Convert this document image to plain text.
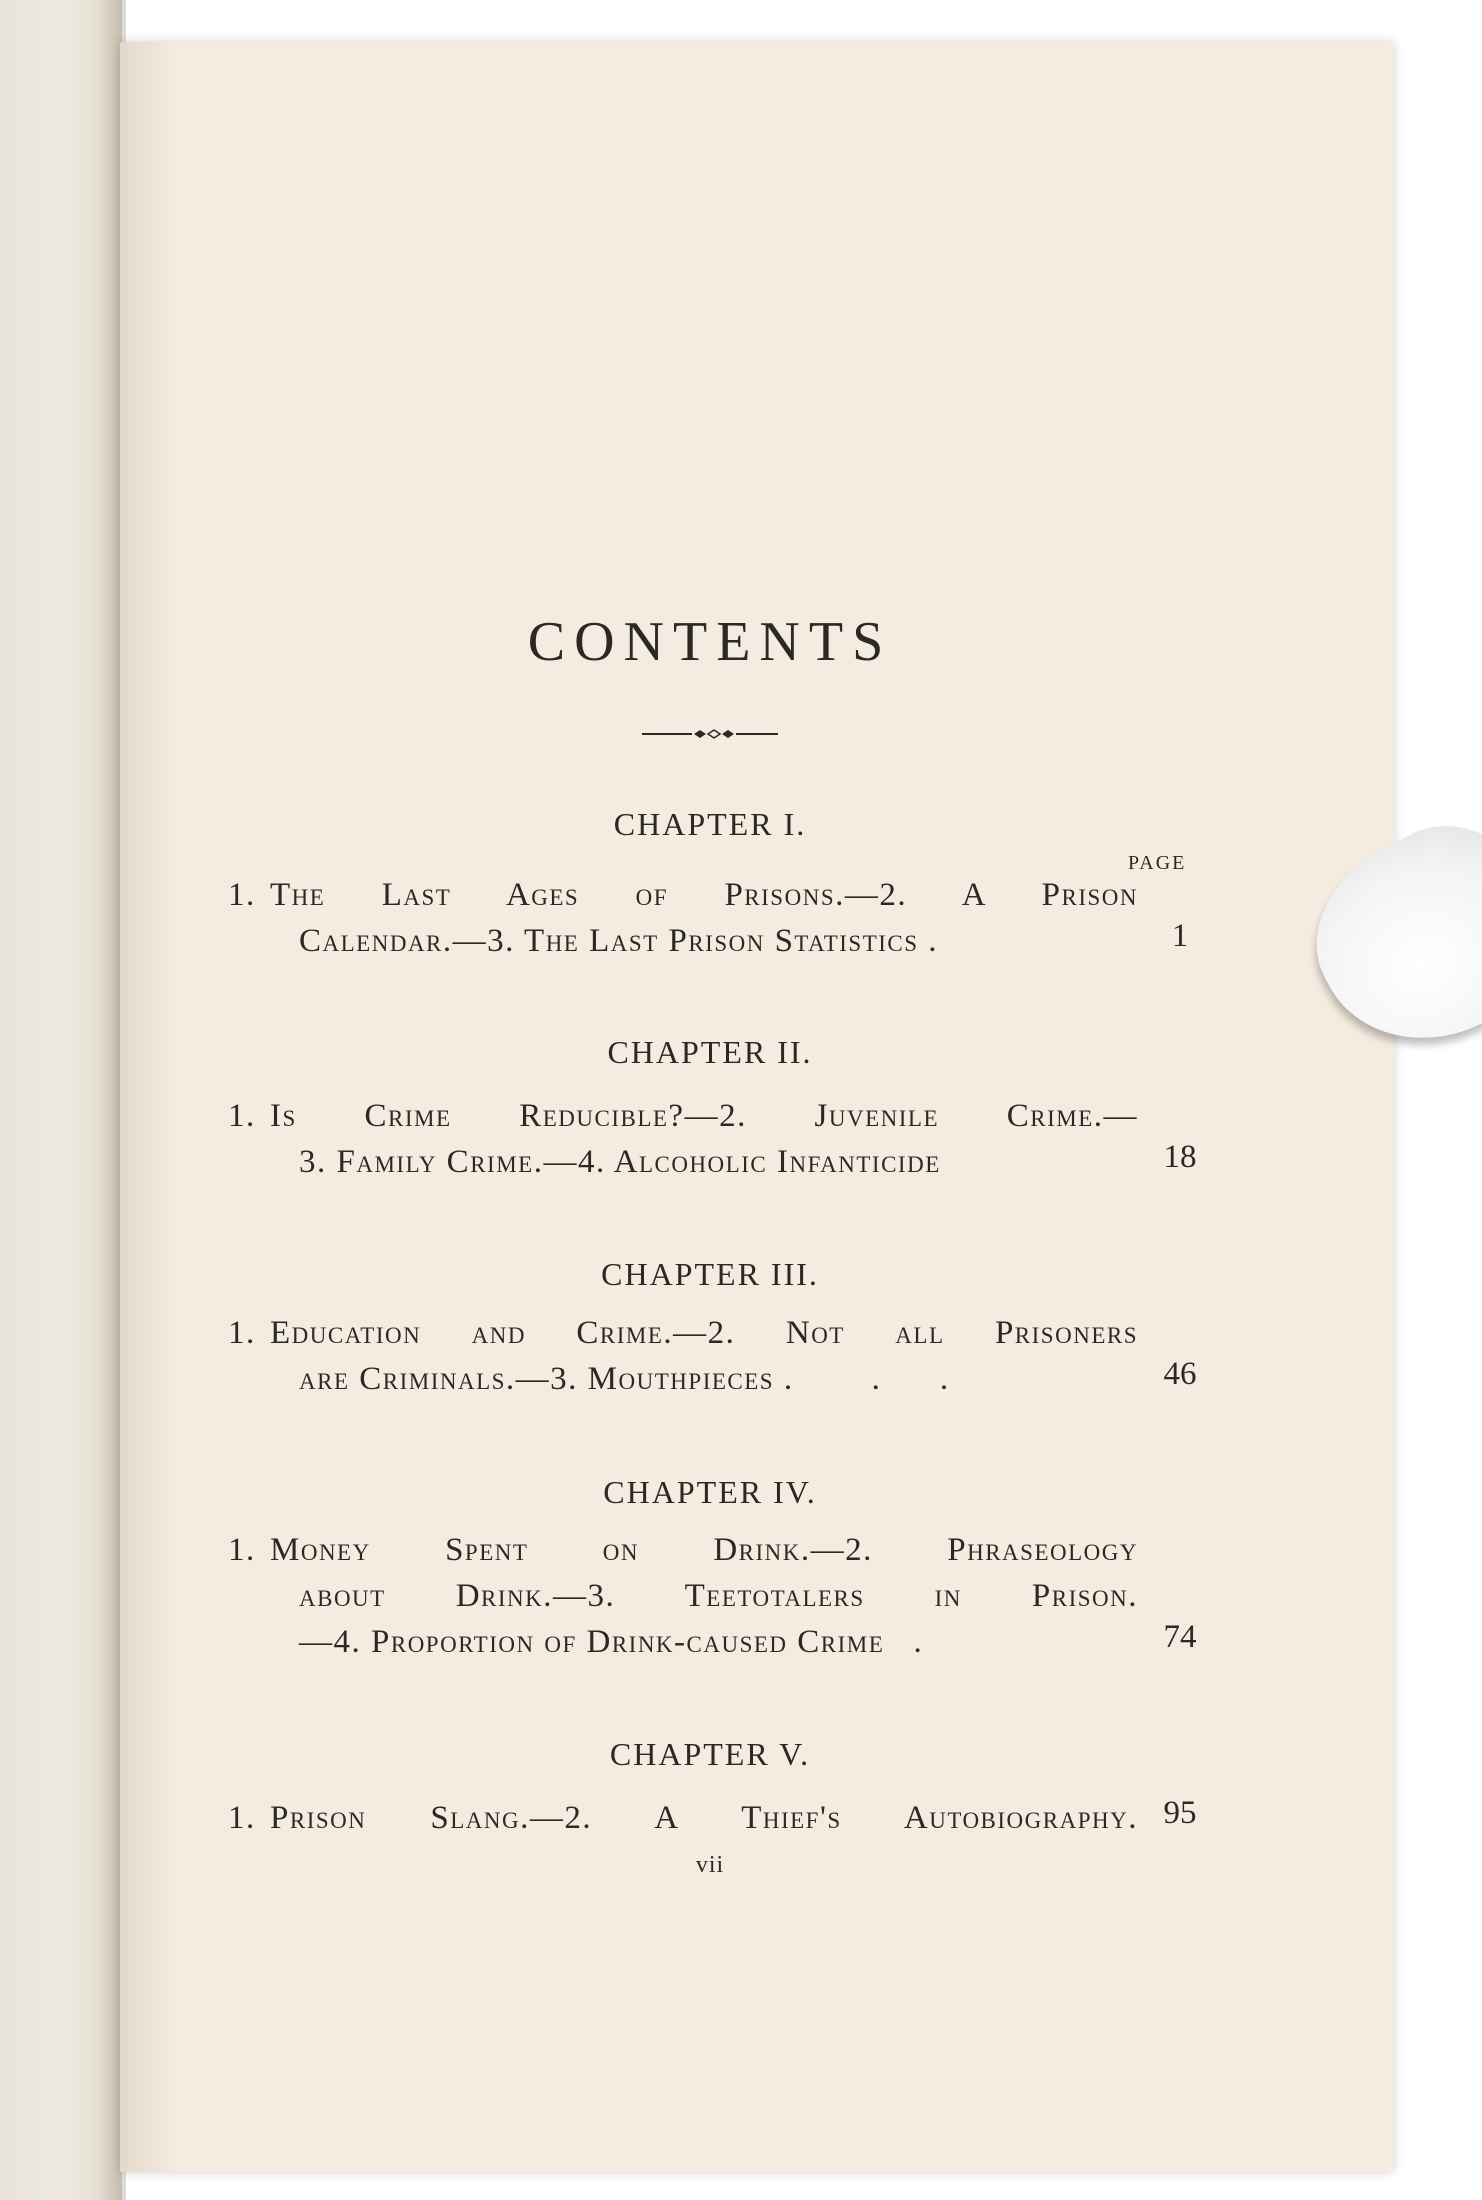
CONTENTS
CHAPTER I.
PAGE
1. The Last Ages of Prisons.—2. A Prison
Calendar.—3. The Last Prison Statistics .	1
CHAPTER II.
1. Is Crime Reducible?—2. Juvenile Crime.—
3. Family Crime.—4. Alcoholic Infanticide	18
CHAPTER III.
1. Education and Crime.—2. Not all Prisoners
are Criminals.—3. Mouthpieces .        .      .	46
CHAPTER IV.
1. Money Spent on Drink.—2. Phraseology
about Drink.—3. Teetotalers in Prison.
—4. Proportion of Drink-caused Crime   .	74
CHAPTER V.
1. Prison Slang.—2. A Thief's Autobiography. 95
vii
